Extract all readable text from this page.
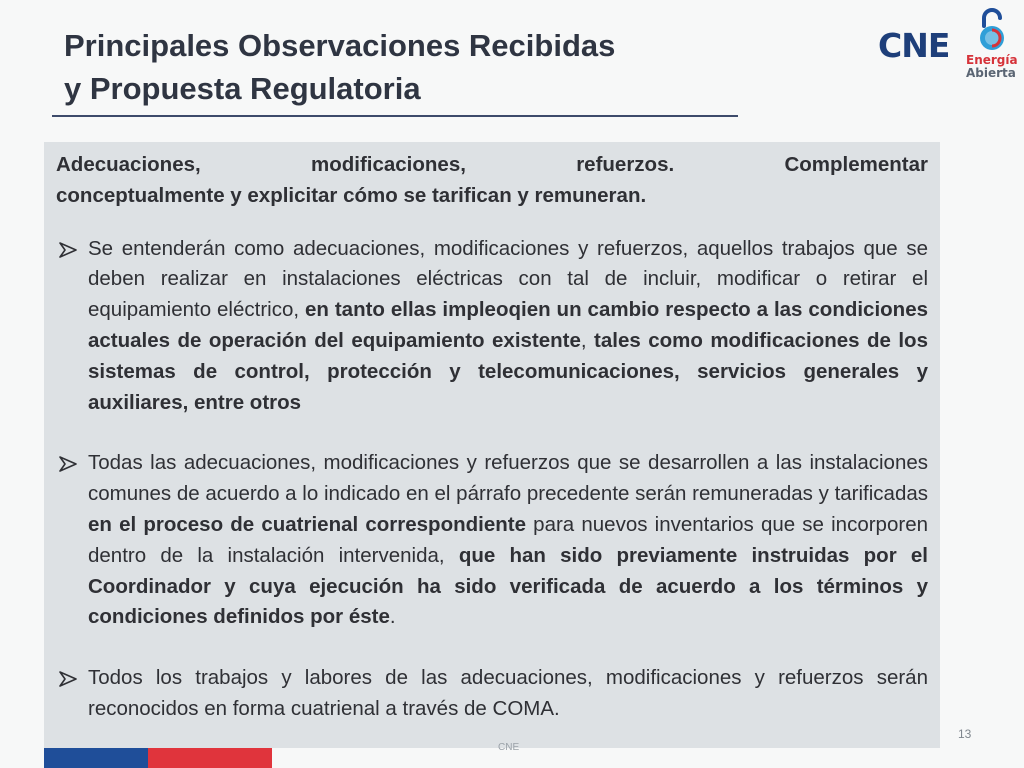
Principales Observaciones Recibidas
y Propuesta Regulatoria
CNE Energía
Abierta
Adecuaciones, modificaciones, refuerzos. Complementar
conceptualmente y explicitar cómo se tarifican y remuneran.

Se entenderán como adecuaciones, modificaciones y refuerzos, aquellos trabajos que se deben realizar en instalaciones eléctricas con tal de incluir, modificar o retirar el equipamiento eléctrico, en tanto ellas impleoqien un cambio respecto a las condiciones actuales de operación del equipamiento existente, tales como modificaciones de los sistemas de control, protección y telecomunicaciones, servicios generales y auxiliares, entre otros

Todas las adecuaciones, modificaciones y refuerzos que se desarrollen a las instalaciones comunes de acuerdo a lo indicado en el párrafo precedente serán remuneradas y tarificadas en el proceso de cuatrienal correspondiente para nuevos inventarios que se incorporen dentro de la instalación intervenida, que han sido previamente instruidas por el Coordinador y cuya ejecución ha sido verificada de acuerdo a los términos y condiciones definidos por éste.

Todos los trabajos y labores de las adecuaciones, modificaciones y refuerzos serán reconocidos en forma cuatrienal a través de COMA.

CNE
13
